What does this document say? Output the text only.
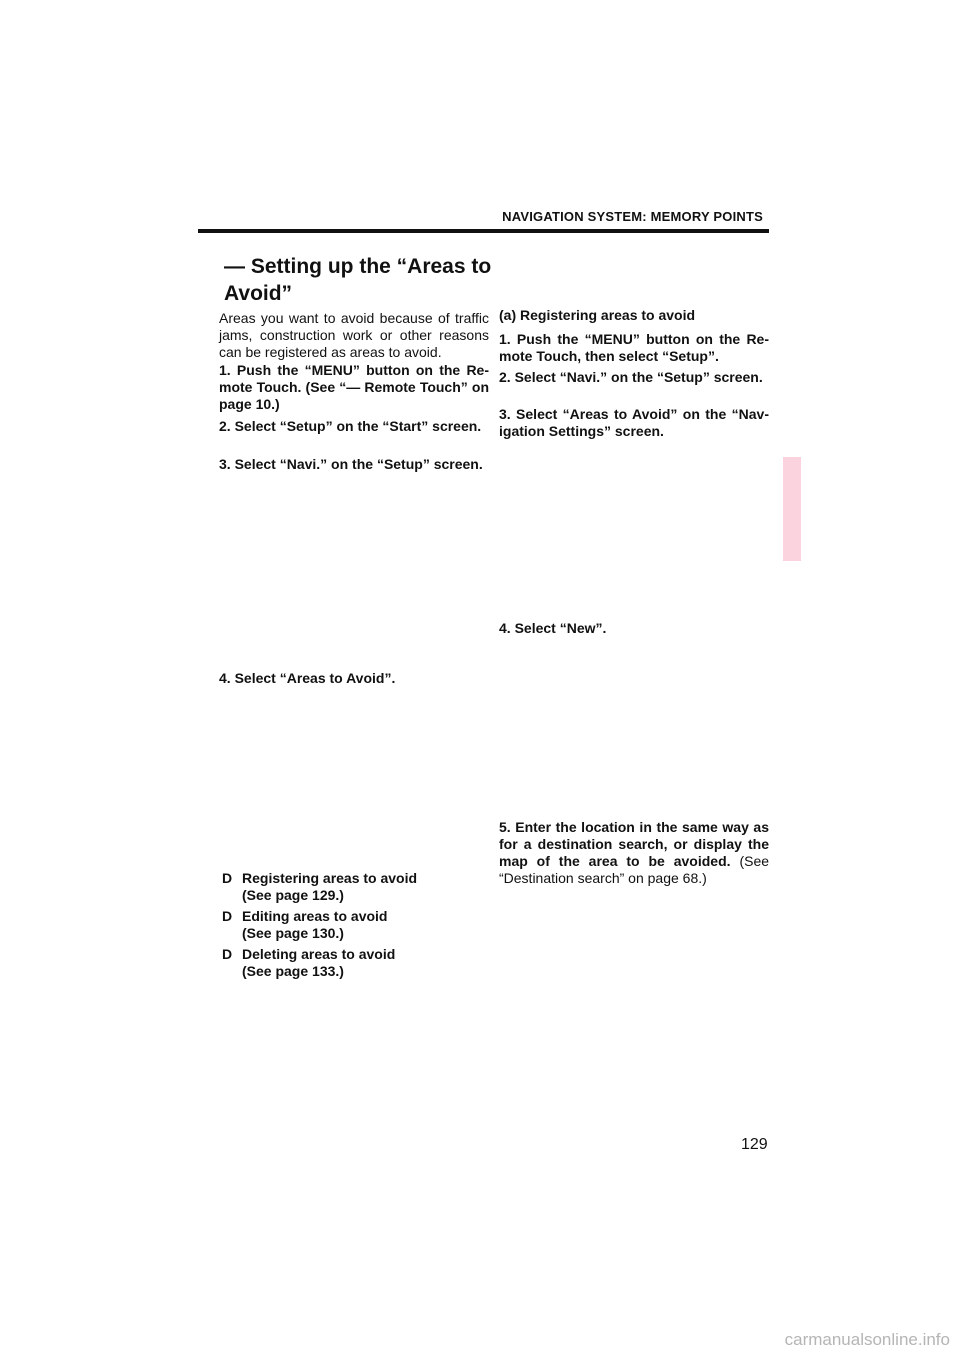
NAVIGATION SYSTEM: MEMORY POINTS
— Setting up the “Areas to Avoid”

Areas you want to avoid because of traffic jams, construction work or other reasons can be registered as areas to avoid.

1. Push the “MENU” button on the Re-mote Touch. (See “— Remote Touch” on page 10.)

2. Select “Setup” on the “Start” screen.

3. Select “Navi.” on the “Setup” screen.

4. Select “Areas to Avoid”.

D Registering areas to avoid
(See page 129.)
D Editing areas to avoid
(See page 130.)
D Deleting areas to avoid
(See page 133.)

(a) Registering areas to avoid

1. Push the “MENU” button on the Re-mote Touch, then select “Setup”.

2. Select “Navi.” on the “Setup” screen.

3. Select “Areas to Avoid” on the “Nav-igation Settings” screen.

4. Select “New”.

5. Enter the location in the same way as for a destination search, or display the map of the area to be avoided. (See “Destination search” on page 68.)

129
carmanualsonline.info
